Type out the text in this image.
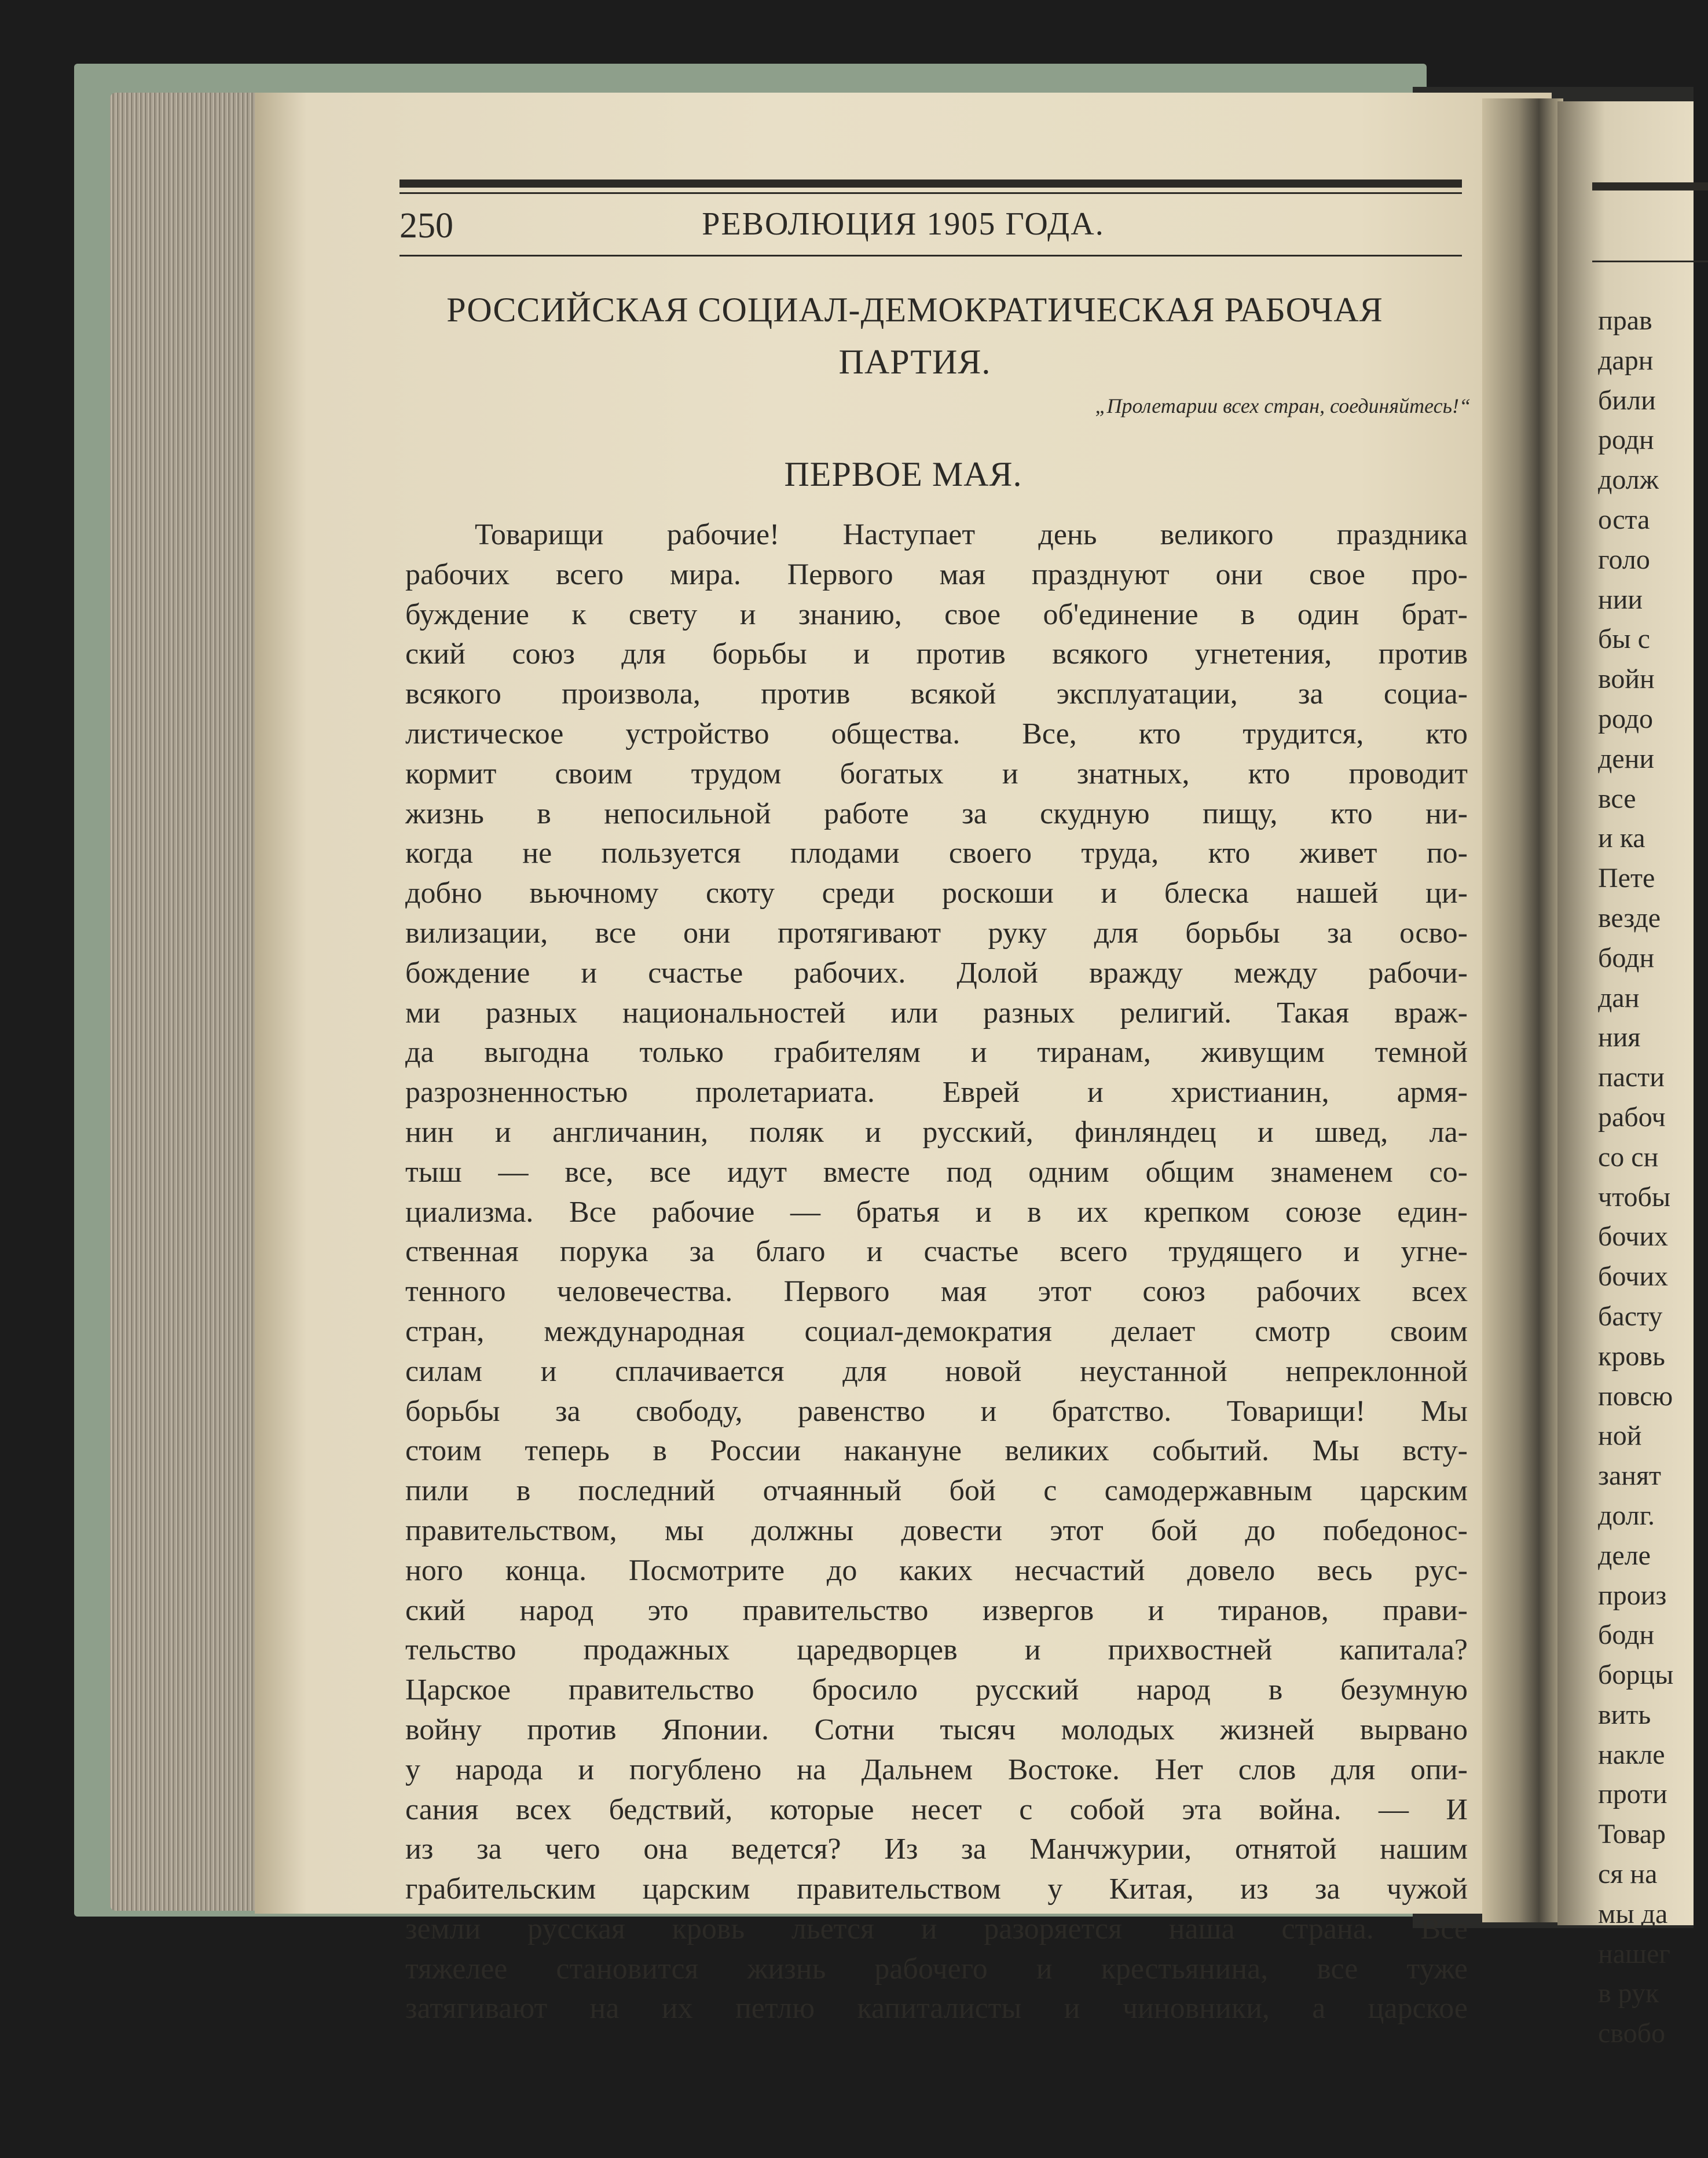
250	РЕВОЛЮЦИЯ 1905 ГОДА.
РОССИЙСКАЯ СОЦИАЛ-ДЕМОКРАТИЧЕСКАЯ РАБОЧАЯ
ПАРТИЯ.
„Пролетарии всех стран, соединяйтесь!“
ПЕРВОЕ МАЯ.
Товарищи рабочие! Наступает день великого праздника
рабочих всего мира. Первого мая празднуют они свое про-
буждение к свету и знанию, свое об'единение в один брат-
ский союз для борьбы и против всякого угнетения, против
всякого произвола, против всякой эксплуатации, за социа-
листическое устройство общества. Все, кто трудится, кто
кормит своим трудом богатых и знатных, кто проводит
жизнь в непосильной работе за скудную пищу, кто ни-
когда не пользуется плодами своего труда, кто живет по-
добно вьючному скоту среди роскоши и блеска нашей ци-
вилизации, все они протягивают руку для борьбы за осво-
бождение и счастье рабочих. Долой вражду между рабочи-
ми разных национальностей или разных религий. Такая враж-
да выгодна только грабителям и тиранам, живущим темной
разрозненностью пролетариата. Еврей и христианин, армя-
нин и англичанин, поляк и русский, финляндец и швед, ла-
тыш — все, все идут вместе под одним общим знаменем со-
циализма. Все рабочие — братья и в их крепком союзе един-
ственная порука за благо и счастье всего трудящего и угне-
тенного человечества. Первого мая этот союз рабочих всех
стран, международная социал-демократия делает смотр своим
силам и сплачивается для новой неустанной непреклонной
борьбы за свободу, равенство и братство. Товарищи! Мы
стоим теперь в России накануне великих событий. Мы всту-
пили в последний отчаянный бой с самодержавным царским
правительством, мы должны довести этот бой до победонос-
ного конца. Посмотрите до каких несчастий довело весь рус-
ский народ это правительство извергов и тиранов, прави-
тельство продажных царедворцев и прихвостней капитала?
Царское правительство бросило русский народ в безумную
войну против Японии. Сотни тысяч молодых жизней вырвано
у народа и погублено на Дальнем Востоке. Нет слов для опи-
сания всех бедствий, которые несет с собой эта война. — И
из за чего она ведется? Из за Манчжурии, отнятой нашим
грабительским царским правительством у Китая, из за чужой
земли русская кровь льется и разоряется наша страна. Все
тяжелее становится жизнь рабочего и крестьянина, все туже
затягивают на их петлю капиталисты и чиновники, а царское
прав
дарн
били
родн
долж
оста
голо
нии
бы с
войн
родо
дени
все
и ка
Пете
везде
бодн
дан
ния
пасти
рабоч
со сн
чтобы
бочих
бочих
басту
кровь
повсю
ной
занят
долг.
деле
произ
бодн
борцы
вить
накле
проти
Товар
ся на
мы да
нашег
в рук
свобо
